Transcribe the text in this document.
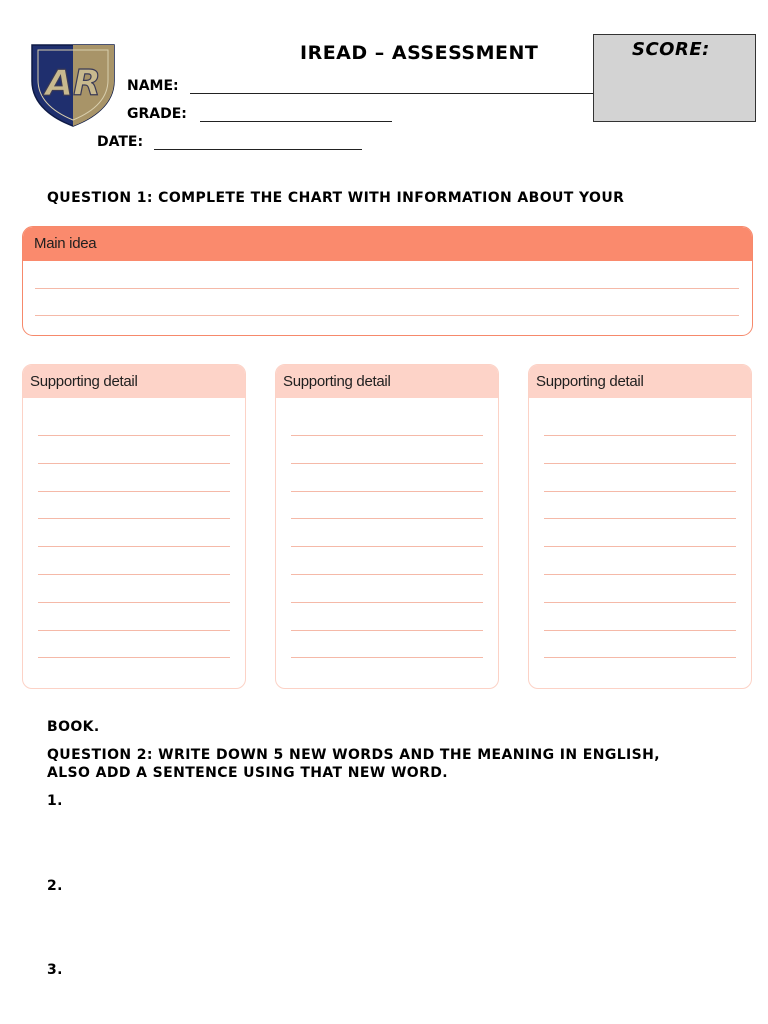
AR
IREAD – ASSESSMENT	SCORE:
NAME:
GRADE:
DATE:
QUESTION 1: COMPLETE THE CHART WITH INFORMATION ABOUT YOUR
Main idea
Supporting detail	Supporting detail	Supporting detail
BOOK.
QUESTION 2: WRITE DOWN 5 NEW WORDS AND THE MEANING IN ENGLISH,
ALSO ADD A SENTENCE USING THAT NEW WORD.
1.
2.
3.
